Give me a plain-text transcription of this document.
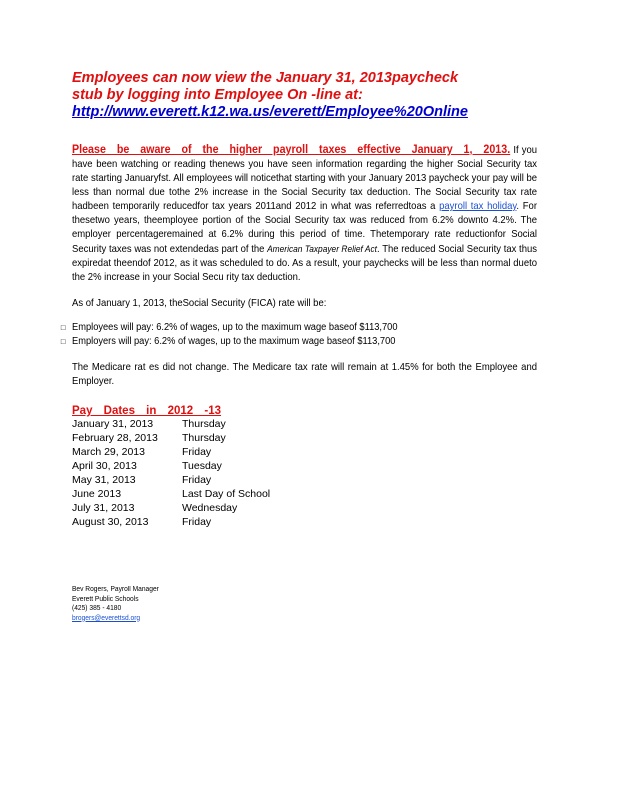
Employees can now view the January 31, 2013paycheck

stub by logging into Employee On -line at:

http://www.everett.k12.wa.us/everett/Employee%20Online

Please be aware of the higher payroll taxes effective January 1, 2013. If you have been watching or reading thenews you have seen information regarding the higher Social Security tax rate starting Januaryfst. All employees will noticethat starting with your January 2013 paycheck your pay will be less than normal due tothe 2% increase in the Social Security tax deduction. The Social Security tax rate hadbeen temporarily reducedfor tax years 2011and 2012 in what was referredtoas a payroll tax holiday. For thesetwo years, theemployee portion of the Social Security tax was reduced from 6.2% downto 4.2%. The employer percentageremained at 6.2% during this period of time. Thetemporary rate reductionfor Social Security taxes was not extendedas part of the American Taxpayer Relief Act. The reduced Social Security tax thus expiredat theendof 2012, as it was scheduled to do. As a result, your paychecks will be less than normal dueto the 2% increase in your Social Secu rity tax deduction.

As of January 1, 2013, theSocial Security (FICA) rate will be:

□ Employees will pay: 6.2% of wages, up to the maximum wage baseof $113,700
□ Employers will pay: 6.2% of wages, up to the maximum wage baseof $113,700

The Medicare rat es did not change. The Medicare tax rate will remain at 1.45% for both the Employee and Employer.

Pay Dates in 2012 -13
January 31, 2013	Thursday
February 28, 2013	Thursday
March 29, 2013	Friday
April 30, 2013	Tuesday
May 31, 2013	Friday
June 2013	Last Day of School
July 31, 2013	Wednesday
August 30, 2013	Friday
Bev Rogers, Payroll Manager
Everett Public Schools
(425) 385 - 4180
brogers@everettsd.org
